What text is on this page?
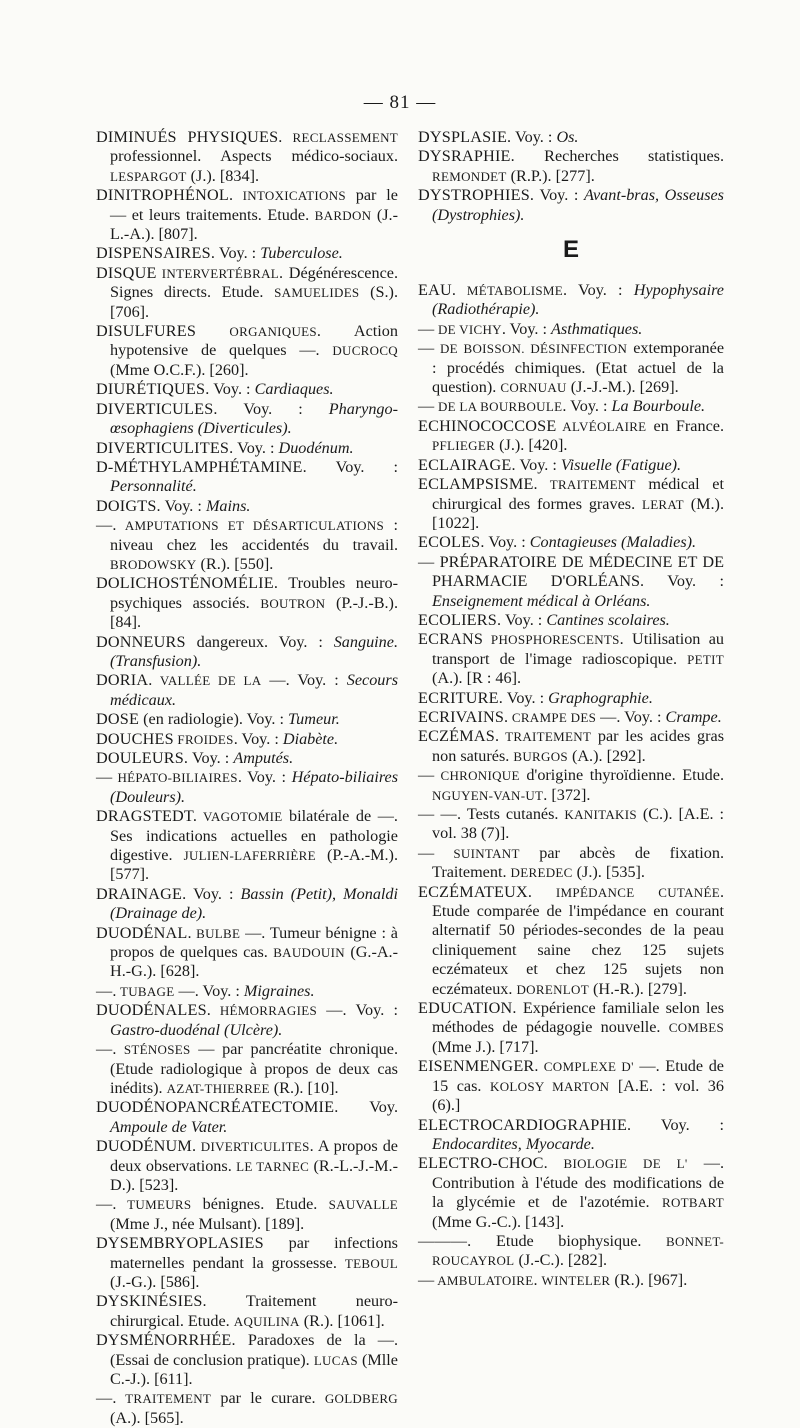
— 81 —

DIMINUÉS PHYSIQUES. RECLASSEMENT professionnel. Aspects médico-sociaux. LESPARGOT (J.). [834].

DINITROPHÉNOL. INTOXICATIONS par le — et leurs traitements. Etude. BARDON (J.-L.-A.). [807].

DISPENSAIRES. Voy. : Tuberculose.

DISQUE INTERVERTÉBRAL. Dégénérescence. Signes directs. Etude. SAMUELIDES (S.). [706].

DISULFURES ORGANIQUES. Action hypotensive de quelques —. DUCROCQ (Mme O.C.F.). [260].

DIURÉTIQUES. Voy. : Cardiaques.

DIVERTICULES. Voy. : Pharyngo-œsophagiens (Diverticules).

DIVERTICULITES. Voy. : Duodénum.

D-MÉTHYLAMPHÉTAMINE. Voy. : Personnalité.

DOIGTS. Voy. : Mains.

—. AMPUTATIONS ET DÉSARTICULATIONS : niveau chez les accidentés du travail. BRODOWSKY (R.). [550].

DOLICHOSTÉNOMÉLIE. Troubles neuro-psychiques associés. BOUTRON (P.-J.-B.). [84].

DONNEURS dangereux. Voy. : Sanguine. (Transfusion).

DORIA. VALLÉE DE LA —. Voy. : Secours médicaux.

DOSE (en radiologie). Voy. : Tumeur.

DOUCHES FROIDES. Voy. : Diabète.

DOULEURS. Voy. : Amputés.

— HÉPATO-BILIAIRES. Voy. : Hépato-biliaires (Douleurs).

DRAGSTEDT. VAGOTOMIE bilatérale de —. Ses indications actuelles en pathologie digestive. JULIEN-LAFERRIÈRE (P.-A.-M.). [577].

DRAINAGE. Voy. : Bassin (Petit), Monaldi (Drainage de).

DUODÉNAL. BULBE —. Tumeur bénigne : à propos de quelques cas. BAUDOUIN (G.-A.-H.-G.). [628].

—. TUBAGE —. Voy. : Migraines.

DUODÉNALES. HÉMORRAGIES —. Voy. : Gastro-duodénal (Ulcère).

—. STÉNOSES — par pancréatite chronique. (Etude radiologique à propos de deux cas inédits). AZAT-THIERREE (R.). [10].

DUODÉNOPANCRÉATECTOMIE. Voy. Ampoule de Vater.

DUODÉNUM. DIVERTICULITES. A propos de deux observations. LE TARNEC (R.-L.-J.-M.-D.). [523].

—. TUMEURS bénignes. Etude. SAUVALLE (Mme J., née Mulsant). [189].

DYSEMBRYOPLASIES par infections maternelles pendant la grossesse. TEBOUL (J.-G.). [586].

DYSKINÉSIES. Traitement neuro-chirurgical. Etude. AQUILINA (R.). [1061].

DYSMÉNORRHÉE. Paradoxes de la —. (Essai de conclusion pratique). LUCAS (Mlle C.-J.). [611].

—. TRAITEMENT par le curare. GOLDBERG (A.). [565].

DYSPLASIE. Voy. : Os.

DYSRAPHIE. Recherches statistiques. REMONDET (R.P.). [277].

DYSTROPHIES. Voy. : Avant-bras, Osseuses (Dystrophies).

E

EAU. MÉTABOLISME. Voy. : Hypophysaire (Radiothérapie).

— DE VICHY. Voy. : Asthmatiques.

— DE BOISSON. DÉSINFECTION extemporanée : procédés chimiques. (Etat actuel de la question). CORNUAU (J.-J.-M.). [269].

— DE LA BOURBOULE. Voy. : La Bourboule.

ECHINOCOCCOSE ALVÉOLAIRE en France. PFLIEGER (J.). [420].

ECLAIRAGE. Voy. : Visuelle (Fatigue).

ECLAMPSISME. TRAITEMENT médical et chirurgical des formes graves. LERAT (M.). [1022].

ECOLES. Voy. : Contagieuses (Maladies).

— PRÉPARATOIRE DE MÉDECINE ET DE PHARMACIE D'ORLÉANS. Voy. : Enseignement médical à Orléans.

ECOLIERS. Voy. : Cantines scolaires.

ECRANS PHOSPHORESCENTS. Utilisation au transport de l'image radioscopique. PETIT (A.). [R : 46].

ECRITURE. Voy. : Graphographie.

ECRIVAINS. CRAMPE DES —. Voy. : Crampe.

ECZÉMAS. TRAITEMENT par les acides gras non saturés. BURGOS (A.). [292].

— CHRONIQUE d'origine thyroïdienne. Etude. NGUYEN-VAN-UT. [372].

— —. Tests cutanés. KANITAKIS (C.). [A.E. : vol. 38 (7)].

— SUINTANT par abcès de fixation. Traitement. DEREDEC (J.). [535].

ECZÉMATEUX. IMPÉDANCE CUTANÉE. Etude comparée de l'impédance en courant alternatif 50 périodes-secondes de la peau cliniquement saine chez 125 sujets eczémateux et chez 125 sujets non eczémateux. DORENLOT (H.-R.). [279].

EDUCATION. Expérience familiale selon les méthodes de pédagogie nouvelle. COMBES (Mme J.). [717].

EISENMENGER. COMPLEXE D' —. Etude de 15 cas. KOLOSY MARTON [A.E. : vol. 36 (6).]

ELECTROCARDIOGRAPHIE. Voy. : Endocardites, Myocarde.

ELECTRO-CHOC. BIOLOGIE DE L' —. Contribution à l'étude des modifications de la glycémie et de l'azotémie. ROTBART (Mme G.-C.). [143].

———. Etude biophysique. BONNET-ROUCAYROL (J.-C.). [282].

— AMBULATOIRE. WINTELER (R.). [967].
